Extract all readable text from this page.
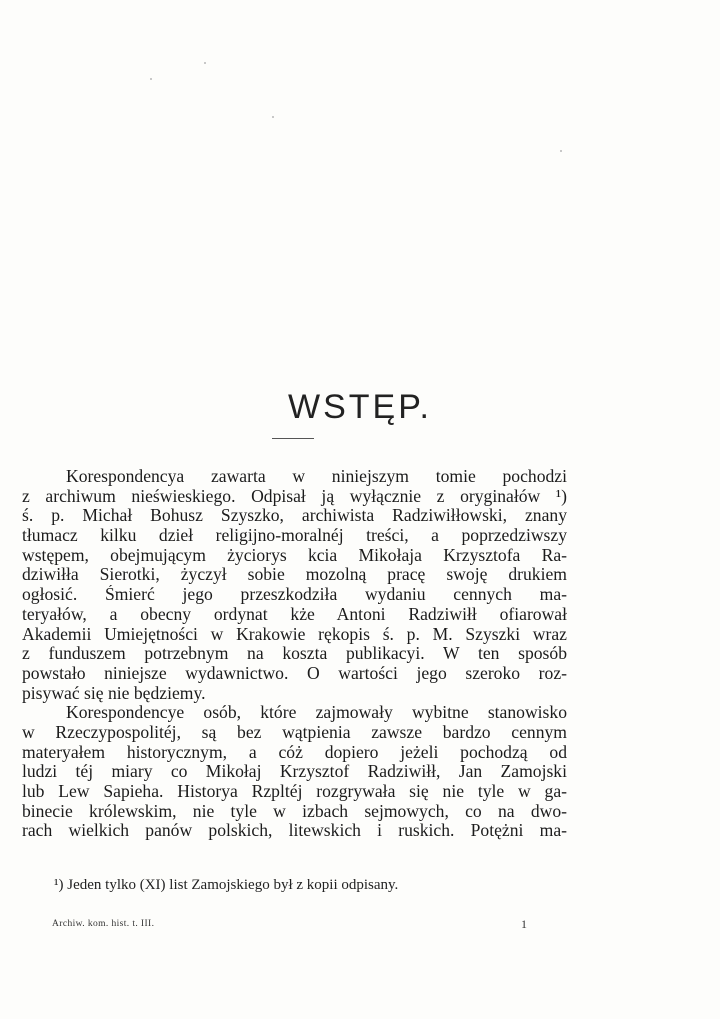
WSTĘP.
Korespondencya zawarta w niniejszym tomie pochodzi
z archiwum nieświeskiego. Odpisał ją wyłącznie z oryginałów ¹)
ś. p. Michał Bohusz Szyszko, archiwista Radziwiłłowski, znany
tłumacz kilku dzieł religijno-moralnéj treści, a poprzedziwszy
wstępem, obejmującym życiorys kcia Mikołaja Krzysztofa Ra-
dziwiłła Sierotki, życzył sobie mozolną pracę swoję drukiem
ogłosić. Śmierć jego przeszkodziła wydaniu cennych ma-
teryałów, a obecny ordynat kże Antoni Radziwiłł ofiarował
Akademii Umiejętności w Krakowie rękopis ś. p. M. Szyszki wraz
z funduszem potrzebnym na koszta publikacyi. W ten sposób
powstało niniejsze wydawnictwo. O wartości jego szeroko roz-
pisywać się nie będziemy.
Korespondencye osób, które zajmowały wybitne stanowisko
w Rzeczypospolitéj, są bez wątpienia zawsze bardzo cennym
materyałem historycznym, a cóż dopiero jeżeli pochodzą od
ludzi téj miary co Mikołaj Krzysztof Radziwiłł, Jan Zamojski
lub Lew Sapieha. Historya Rzpltéj rozgrywała się nie tyle w ga-
binecie królewskim, nie tyle w izbach sejmowych, co na dwo-
rach wielkich panów polskich, litewskich i ruskich. Potężni ma-

¹) Jeden tylko (XI) list Zamojskiego był z kopii odpisany.

Archiw. kom. hist. t. III.	1
